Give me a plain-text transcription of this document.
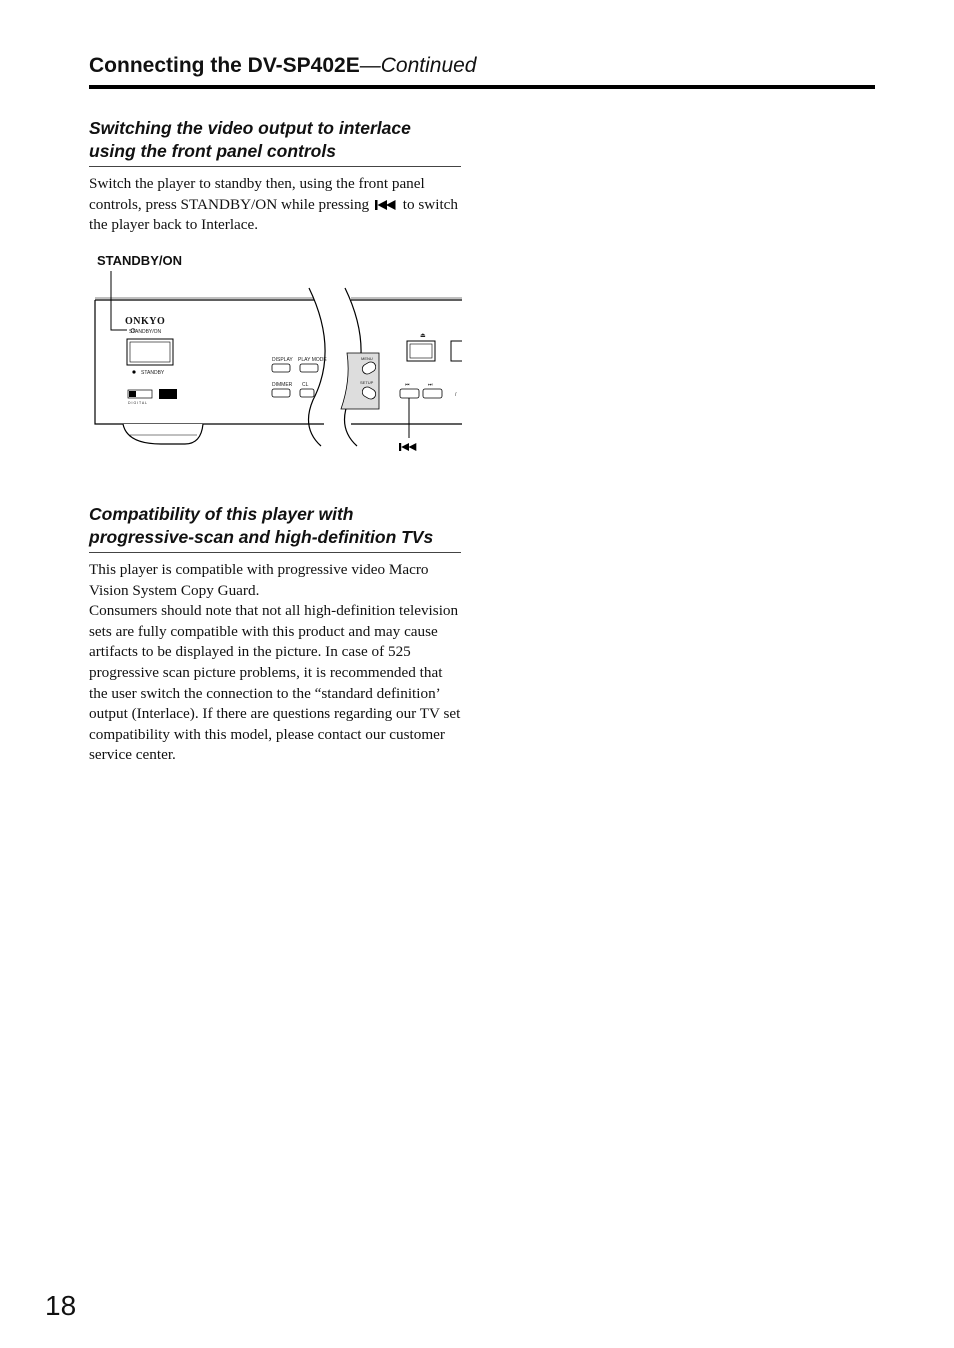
Connecting the DV-SP402E—Continued
Switching the video output to interlace
using the front panel controls

Switch the player to standby then, using the front panel controls, press STANDBY/ON while pressing to switch the player back to Interlace.

STANDBY/ON
ONKYO
STANDBY/ON
STANDBY
D I G I T A L
DISPLAY PLAY MODE
DIMMER CL
MENU
SETUP
⏏
⏮	⏭
/
Compatibility of this player with
progressive-scan and high-definition TVs

This player is compatible with progressive video Macro Vision System Copy Guard.

Consumers should note that not all high-definition television sets are fully compatible with this product and may cause artifacts to be displayed in the picture. In case of 525 progressive scan picture problems, it is recommended that the user switch the connection to the “standard definition’ output (Interlace). If there are questions regarding our TV set compatibility with this model, please contact our customer service center.

18
